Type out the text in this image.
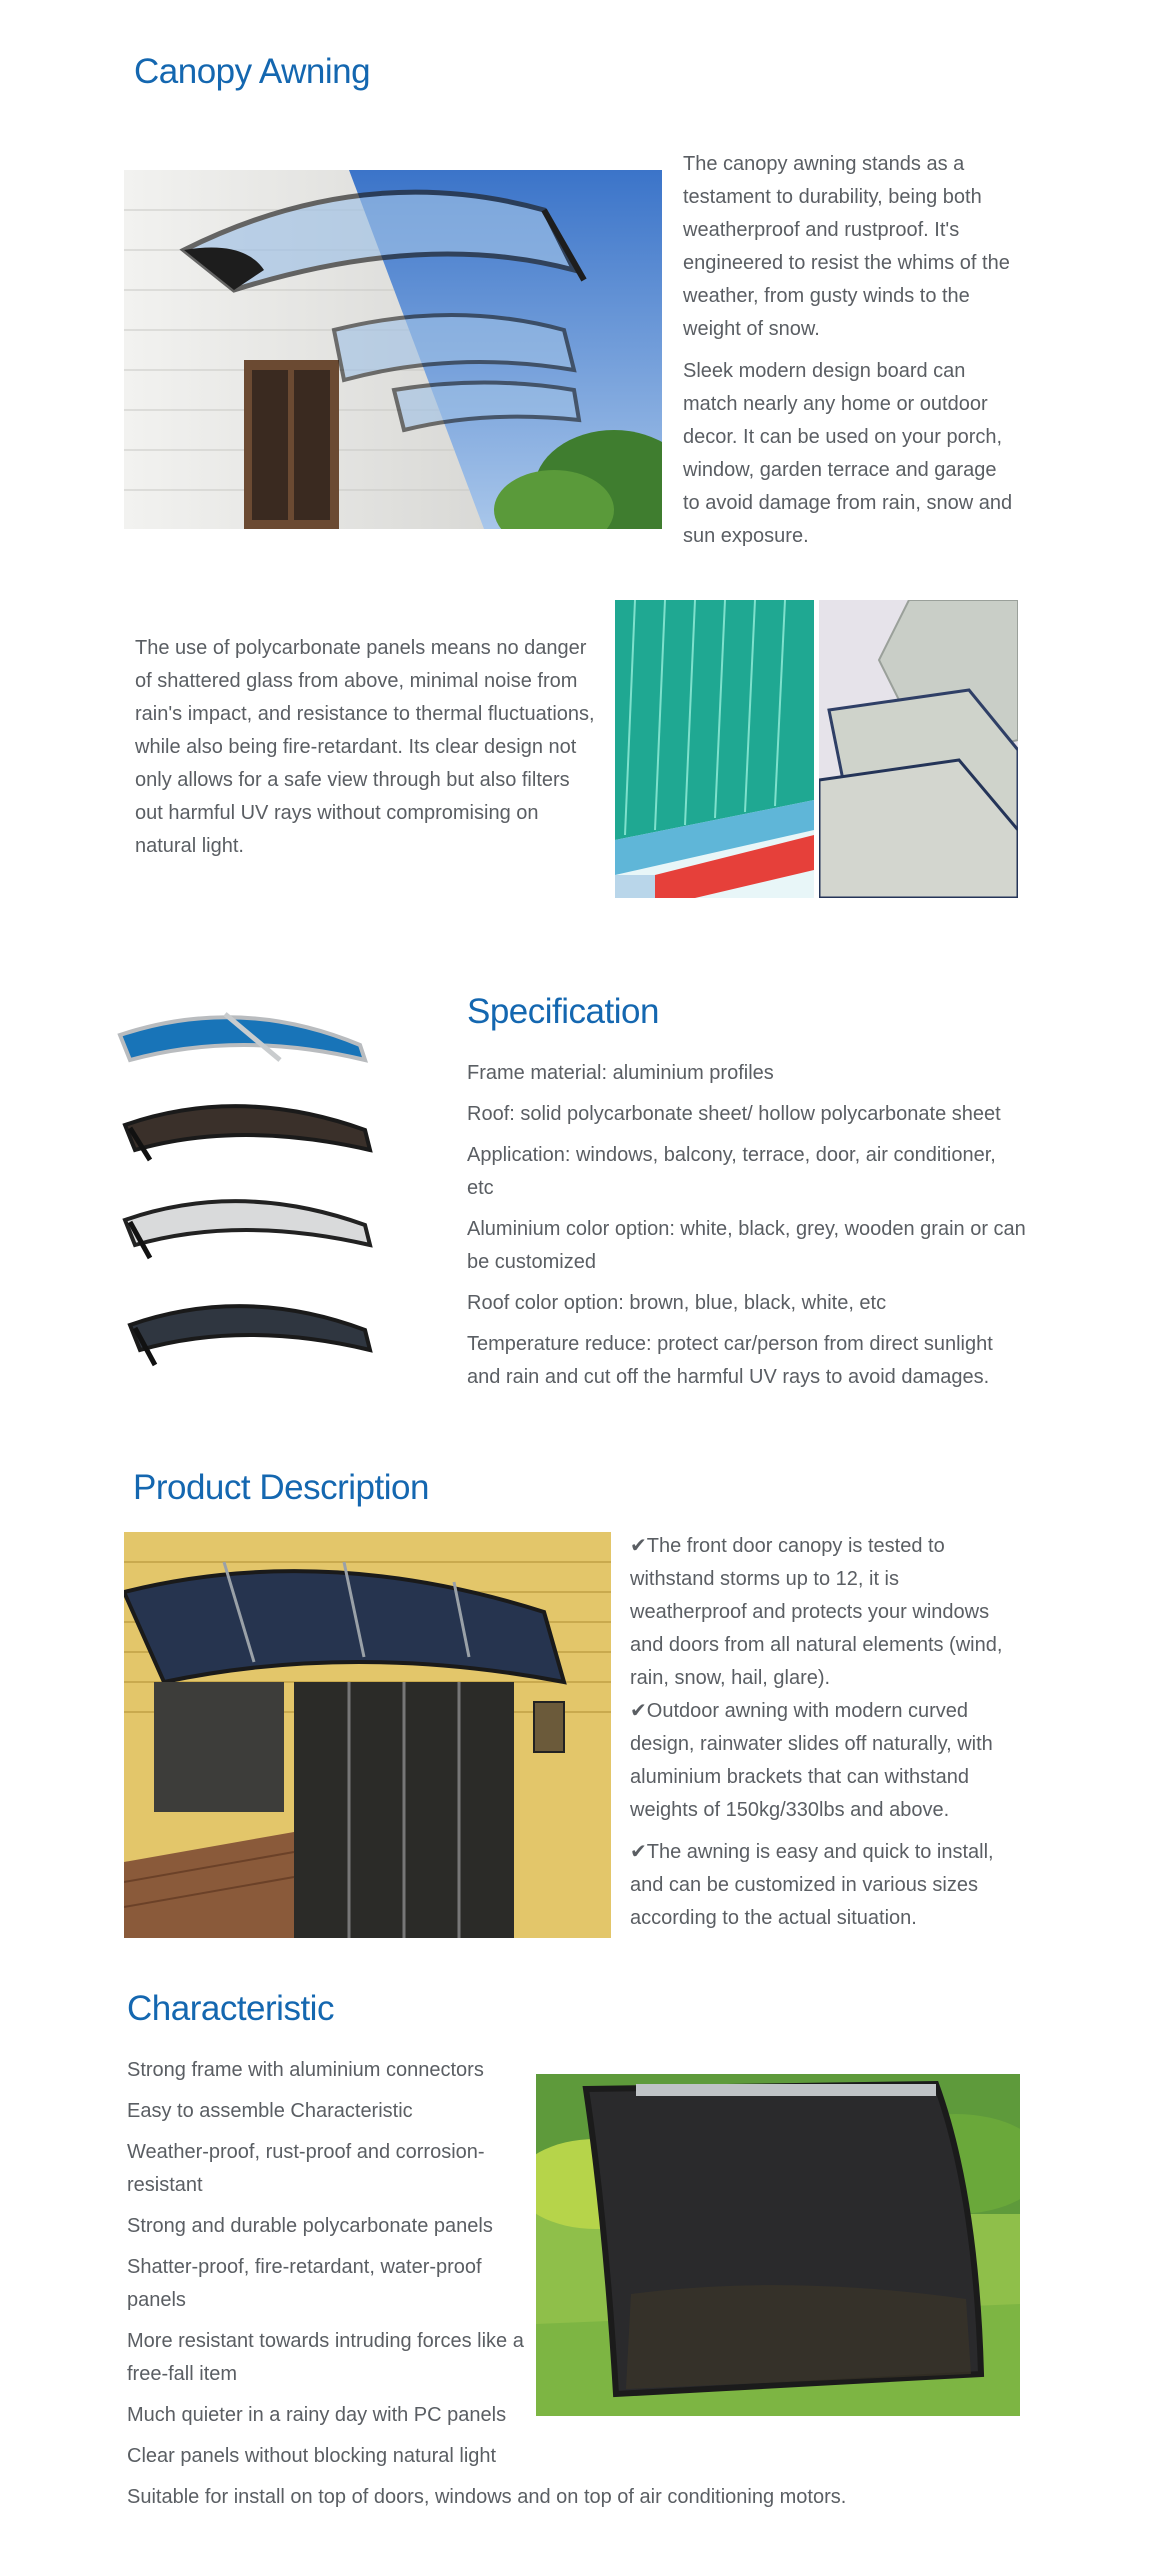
Canopy Awning

The canopy awning stands as a testament to durability, being both weatherproof and rustproof. It's engineered to resist the whims of the weather, from gusty winds to the weight of snow.

Sleek modern design board can match nearly any home or outdoor decor. It can be used on your porch, window, garden terrace and garage to avoid damage from rain, snow and sun exposure.

The use of polycarbonate panels means no danger of shattered glass from above, minimal noise from rain's impact, and resistance to thermal fluctuations, while also being fire-retardant. Its clear design not only allows for a safe view through but also filters out harmful UV rays without compromising on natural light.

Specification

Frame material: aluminium profiles

Roof: solid polycarbonate sheet/ hollow polycarbonate sheet

Application: windows, balcony, terrace, door, air conditioner, etc

Aluminium color option: white, black, grey, wooden grain or can be customized

Roof color option: brown, blue, black, white, etc

Temperature reduce: protect car/person from direct sunlight and rain and cut off the harmful UV rays to avoid damages.

Product Description

✔The front door canopy is tested to withstand storms up to 12, it is weatherproof and protects your windows and doors from all natural elements (wind, rain, snow, hail, glare).

✔Outdoor awning with modern curved design, rainwater slides off naturally, with aluminium brackets that can withstand weights of 150kg/330lbs and above.

✔The awning is easy and quick to install, and can be customized in various sizes according to the actual situation.

Characteristic

Strong frame with aluminium connectors

Easy to assemble Characteristic

Weather-proof, rust-proof and corrosion-resistant

Strong and durable polycarbonate panels

Shatter-proof, fire-retardant, water-proof panels

More resistant towards intruding forces like a free-fall item

Much quieter in a rainy day with PC panels

Clear panels without blocking natural light

Suitable for install on top of doors, windows and on top of air conditioning motors.
